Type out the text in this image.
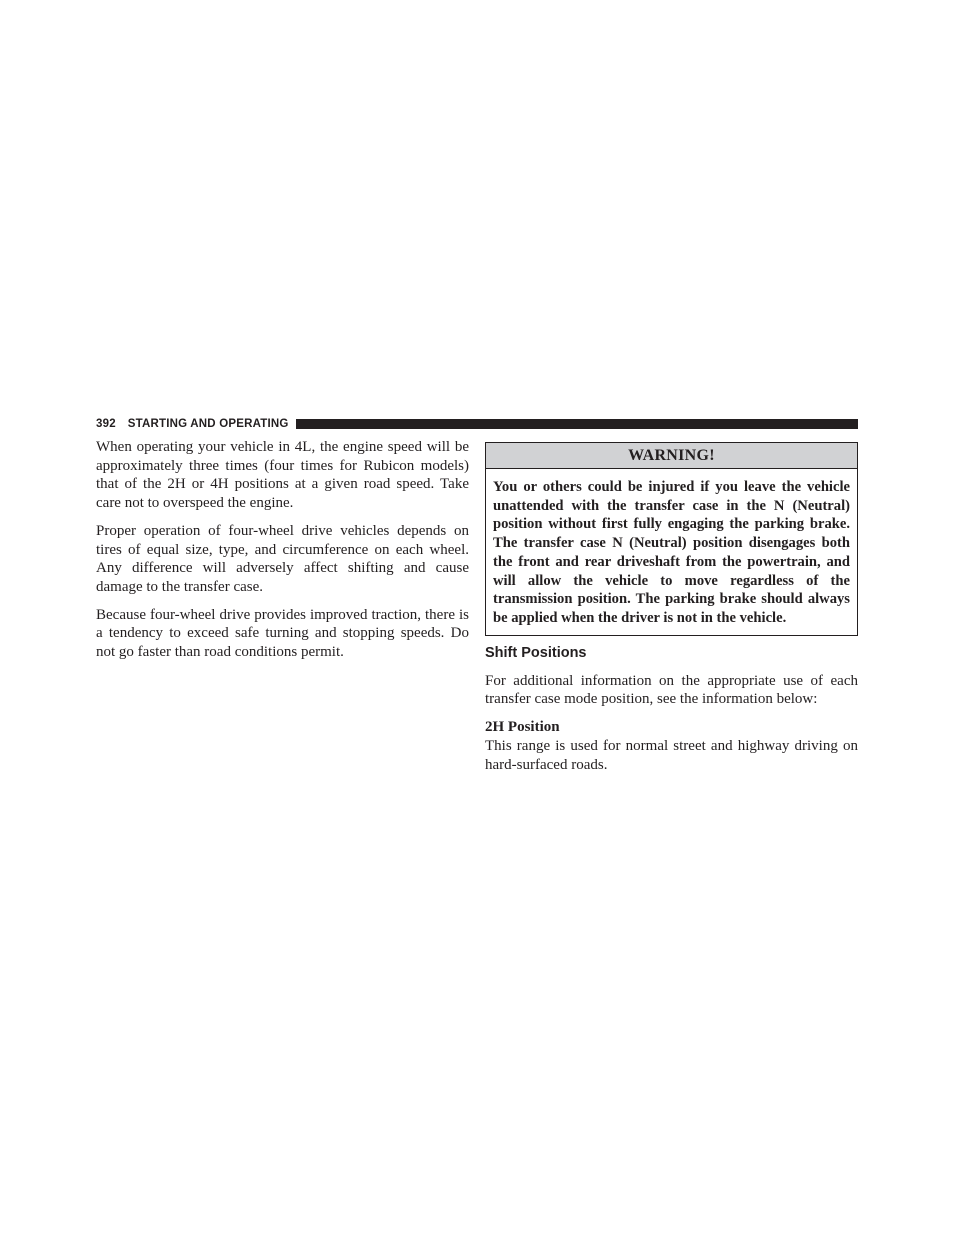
392 STARTING AND OPERATING

When operating your vehicle in 4L, the engine speed will be approximately three times (four times for Rubicon models) that of the 2H or 4H positions at a given road speed. Take care not to overspeed the engine.

Proper operation of four-wheel drive vehicles depends on tires of equal size, type, and circumference on each wheel. Any difference will adversely affect shifting and cause damage to the transfer case.

Because four-wheel drive provides improved traction, there is a tendency to exceed safe turning and stopping speeds. Do not go faster than road conditions permit.

WARNING!

You or others could be injured if you leave the vehicle unattended with the transfer case in the N (Neutral) position without first fully engaging the parking brake. The transfer case N (Neutral) position disengages both the front and rear driveshaft from the powertrain, and will allow the vehicle to move regardless of the transmission position. The parking brake should always be applied when the driver is not in the vehicle.

Shift Positions

For additional information on the appropriate use of each transfer case mode position, see the information below:

2H Position

This range is used for normal street and highway driving on hard-surfaced roads.
